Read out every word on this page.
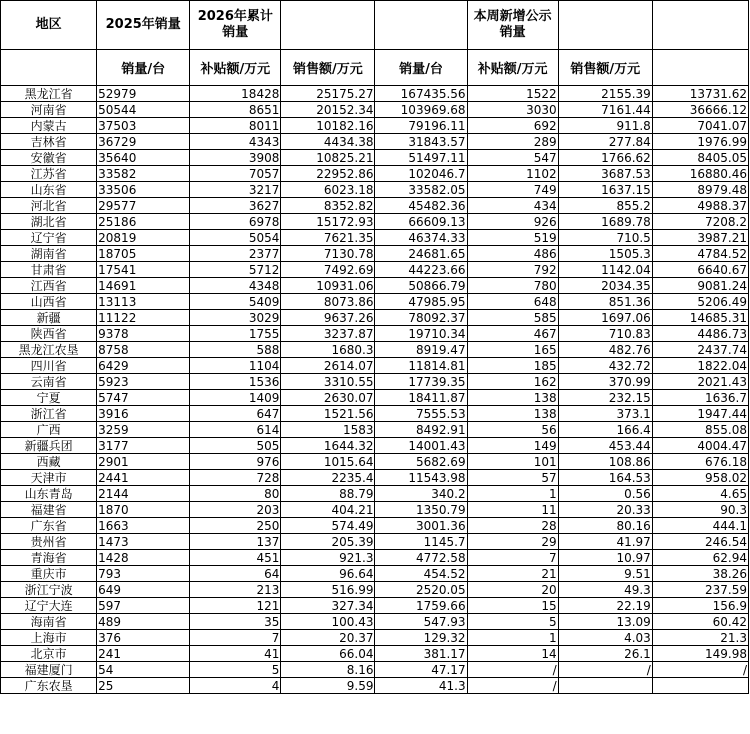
地区	2025年销量	2026年累计销量			本周新增公示销量		
	销量/台	补贴额/万元	销售额/万元	销量/台	补贴额/万元	销售额/万元	
黑龙江省	52979	18428	25175.27	167435.56	1522	2155.39	13731.62
河南省	50544	8651	20152.34	103969.68	3030	7161.44	36666.12
内蒙古	37503	8011	10182.16	79196.11	692	911.8	7041.07
吉林省	36729	4343	4434.38	31843.57	289	277.84	1976.99
安徽省	35640	3908	10825.21	51497.11	547	1766.62	8405.05
江苏省	33582	7057	22952.86	102046.7	1102	3687.53	16880.46
山东省	33506	3217	6023.18	33582.05	749	1637.15	8979.48
河北省	29577	3627	8352.82	45482.36	434	855.2	4988.37
湖北省	25186	6978	15172.93	66609.13	926	1689.78	7208.2
辽宁省	20819	5054	7621.35	46374.33	519	710.5	3987.21
湖南省	18705	2377	7130.78	24681.65	486	1505.3	4784.52
甘肃省	17541	5712	7492.69	44223.66	792	1142.04	6640.67
江西省	14691	4348	10931.06	50866.79	780	2034.35	9081.24
山西省	13113	5409	8073.86	47985.95	648	851.36	5206.49
新疆	11122	3029	9637.26	78092.37	585	1697.06	14685.31
陕西省	9378	1755	3237.87	19710.34	467	710.83	4486.73
黑龙江农垦	8758	588	1680.3	8919.47	165	482.76	2437.74
四川省	6429	1104	2614.07	11814.81	185	432.72	1822.04
云南省	5923	1536	3310.55	17739.35	162	370.99	2021.43
宁夏	5747	1409	2630.07	18411.87	138	232.15	1636.7
浙江省	3916	647	1521.56	7555.53	138	373.1	1947.44
广西	3259	614	1583	8492.91	56	166.4	855.08
新疆兵团	3177	505	1644.32	14001.43	149	453.44	4004.47
西藏	2901	976	1015.64	5682.69	101	108.86	676.18
天津市	2441	728	2235.4	11543.98	57	164.53	958.02
山东青岛	2144	80	88.79	340.2	1	0.56	4.65
福建省	1870	203	404.21	1350.79	11	20.33	90.3
广东省	1663	250	574.49	3001.36	28	80.16	444.1
贵州省	1473	137	205.39	1145.7	29	41.97	246.54
青海省	1428	451	921.3	4772.58	7	10.97	62.94
重庆市	793	64	96.64	454.52	21	9.51	38.26
浙江宁波	649	213	516.99	2520.05	20	49.3	237.59
辽宁大连	597	121	327.34	1759.66	15	22.19	156.9
海南省	489	35	100.43	547.93	5	13.09	60.42
上海市	376	7	20.37	129.32	1	4.03	21.3
北京市	241	41	66.04	381.17	14	26.1	149.98
福建厦门	54	5	8.16	47.17	/	/	/
广东农垦	25	4	9.59	41.3	/		
